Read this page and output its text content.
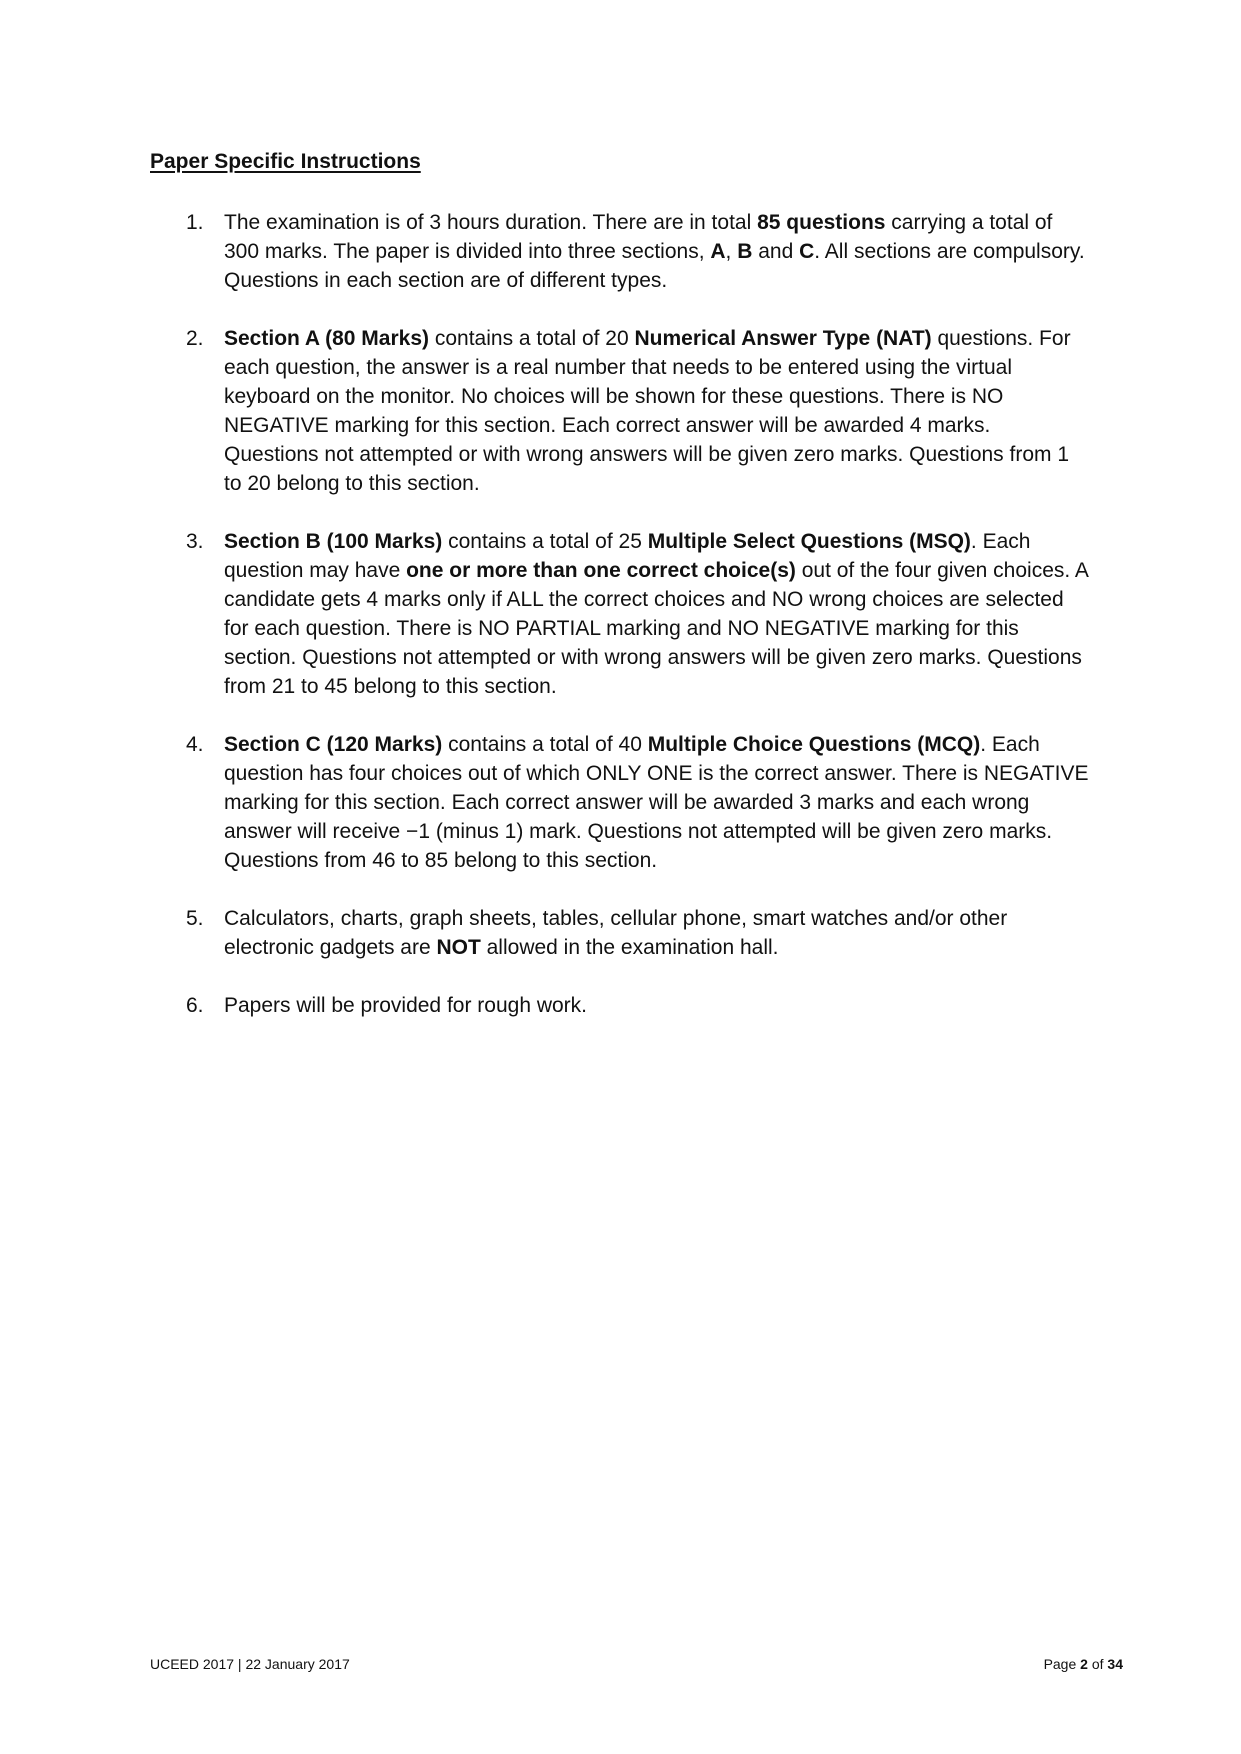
Paper Specific Instructions
1. The examination is of 3 hours duration. There are in total 85 questions carrying a total of 300 marks. The paper is divided into three sections, A, B and C. All sections are compulsory. Questions in each section are of different types.
2. Section A (80 Marks) contains a total of 20 Numerical Answer Type (NAT) questions. For each question, the answer is a real number that needs to be entered using the virtual keyboard on the monitor. No choices will be shown for these questions. There is NO NEGATIVE marking for this section. Each correct answer will be awarded 4 marks. Questions not attempted or with wrong answers will be given zero marks. Questions from 1 to 20 belong to this section.
3. Section B (100 Marks) contains a total of 25 Multiple Select Questions (MSQ). Each question may have one or more than one correct choice(s) out of the four given choices. A candidate gets 4 marks only if ALL the correct choices and NO wrong choices are selected for each question. There is NO PARTIAL marking and NO NEGATIVE marking for this section. Questions not attempted or with wrong answers will be given zero marks. Questions from 21 to 45 belong to this section.
4. Section C (120 Marks) contains a total of 40 Multiple Choice Questions (MCQ). Each question has four choices out of which ONLY ONE is the correct answer. There is NEGATIVE marking for this section. Each correct answer will be awarded 3 marks and each wrong answer will receive −1 (minus 1) mark. Questions not attempted will be given zero marks. Questions from 46 to 85 belong to this section.
5. Calculators, charts, graph sheets, tables, cellular phone, smart watches and/or other electronic gadgets are NOT allowed in the examination hall.
6. Papers will be provided for rough work.
UCEED 2017 | 22 January 2017	Page 2 of 34
